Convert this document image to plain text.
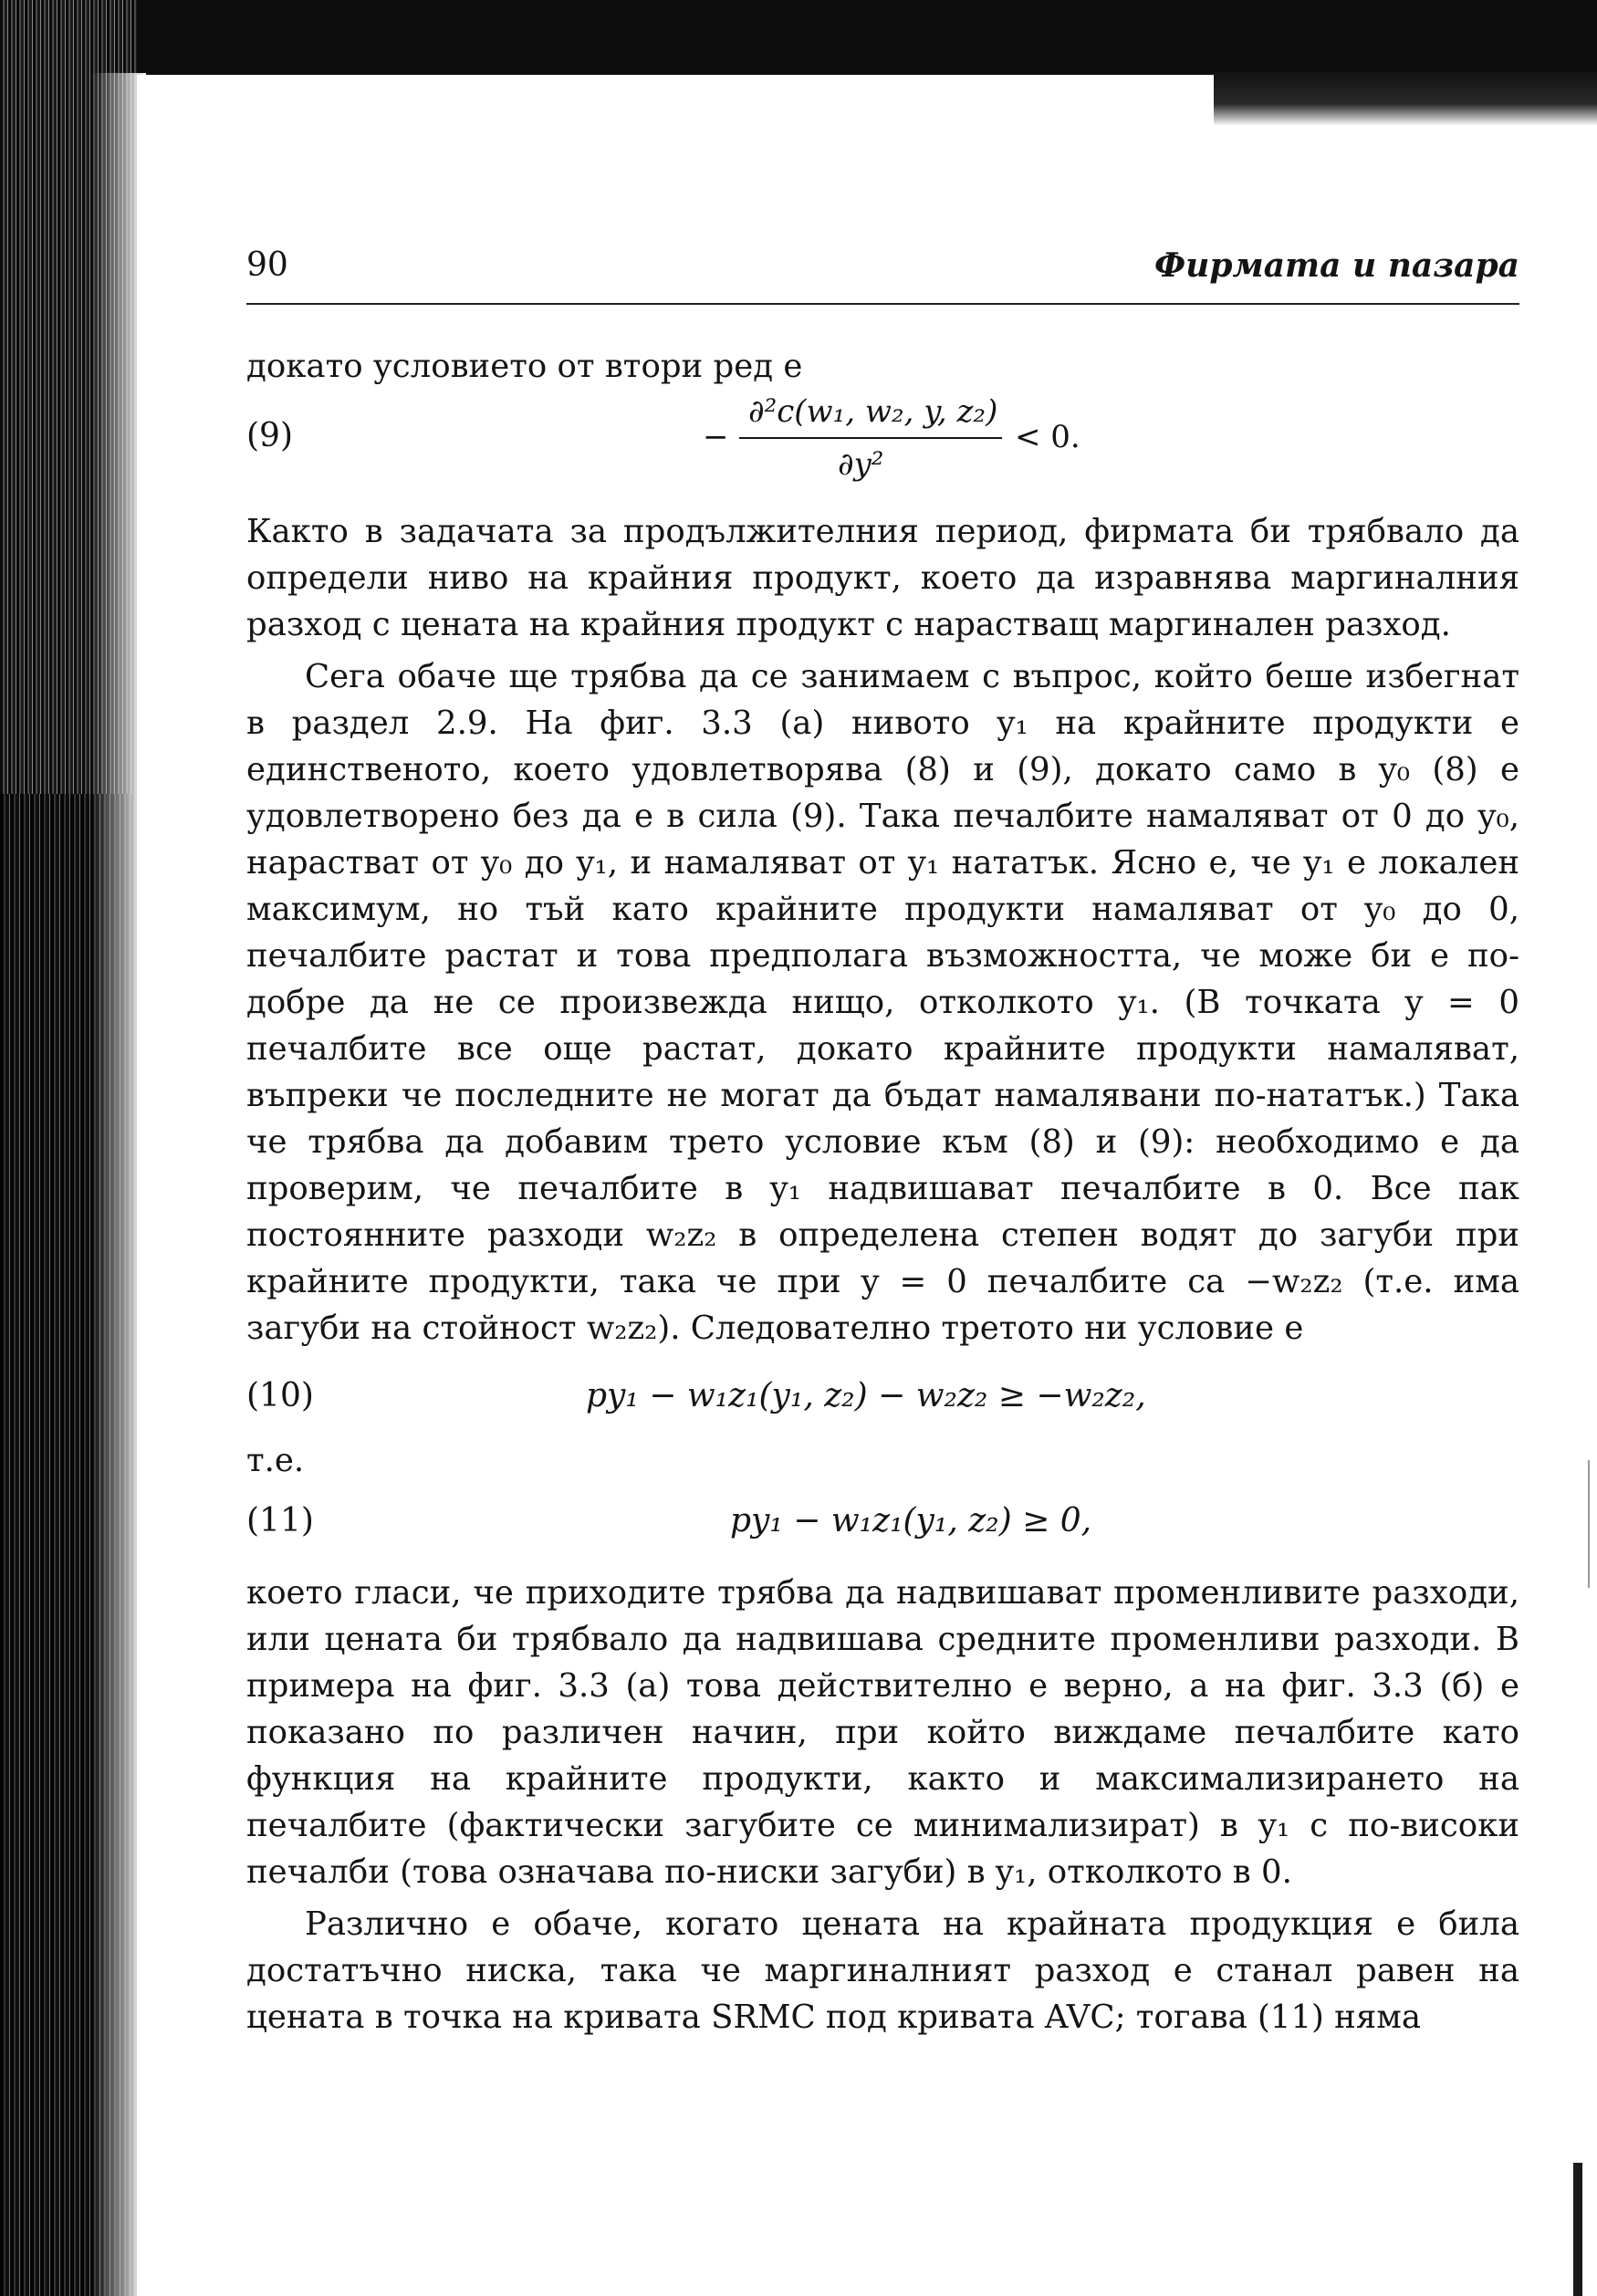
90	Фирмата и пазара

докато условието от втори ред е

(9)	−
∂²c(w₁, w₂, y, z₂)
∂y²
< 0.

Както в задачата за продължителния период, фирмата би трябвало да определи ниво на крайния продукт, което да изравнява маргиналния разход с цената на крайния продукт с нарастващ маргинален разход.

Сега обаче ще трябва да се занимаем с въпрос, който беше избегнат в раздел 2.9. На фиг. 3.3 (а) нивото y₁ на крайните продукти е единственото, което удовлетворява (8) и (9), докато само в y₀ (8) е удовлетворено без да е в сила (9). Така печалбите намаляват от 0 до y₀, нарастват от y₀ до y₁, и намаляват от y₁ нататък. Ясно е, че y₁ е локален максимум, но тъй като крайните продукти намаляват от y₀ до 0, печалбите растат и това предполага възможността, че може би е по-добре да не се произвежда нищо, отколкото y₁. (В точката y = 0 печалбите все още растат, докато крайните продукти намаляват, въпреки че последните не могат да бъдат намалявани по-нататък.) Така че трябва да добавим трето условие към (8) и (9): необходимо е да проверим, че печалбите в y₁ надвишават печалбите в 0. Все пак постоянните разходи w₂z₂ в определена степен водят до загуби при крайните продукти, така че при y = 0 печалбите са −w₂z₂ (т.е. има загуби на стойност w₂z₂). Следователно третото ни условие е

(10)	py₁ − w₁z₁(y₁, z₂) − w₂z₂ ≥ −w₂z₂,

т.е.

(11)	py₁ − w₁z₁(y₁, z₂) ≥ 0,

което гласи, че приходите трябва да надвишават променливите разходи, или цената би трябвало да надвишава средните променливи разходи. В примера на фиг. 3.3 (а) това действително е верно, а на фиг. 3.3 (б) е показано по различен начин, при който виждаме печалбите като функция на крайните продукти, както и максимализирането на печалбите (фактически загубите се минимализират) в y₁ с по-високи печалби (това означава по-ниски загуби) в y₁, отколкото в 0.

Различно е обаче, когато цената на крайната продукция е била достатъчно ниска, така че маргиналният разход е станал равен на цената в точка на кривата SRMC под кривата AVC; тогава (11) няма
